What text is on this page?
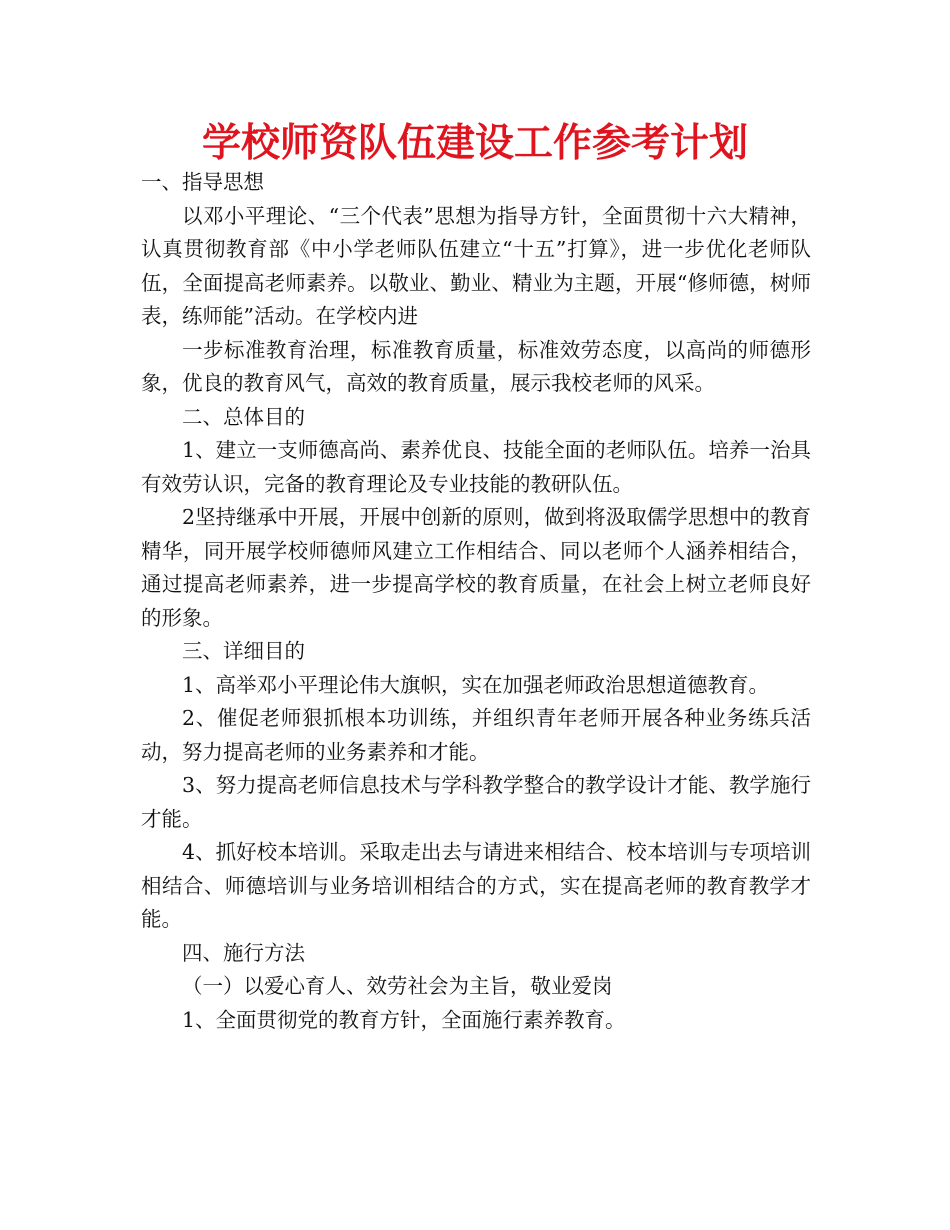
学校师资队伍建设工作参考计划

一、指导思想

以邓小平理论、“三个代表”思想为指导方针，全面贯彻十六大精神，认真贯彻教育部《中小学老师队伍建立“十五”打算》，进一步优化老师队伍，全面提高老师素养。以敬业、勤业、精业为主题，开展“修师德，树师表，练师能”活动。在学校内进

一步标准教育治理，标准教育质量，标准效劳态度，以高尚的师德形象，优良的教育风气，高效的教育质量，展示我校老师的风采。

二、总体目的

1、建立一支师德高尚、素养优良、技能全面的老师队伍。培养一治具有效劳认识，完备的教育理论及专业技能的教研队伍。

2坚持继承中开展，开展中创新的原则，做到将汲取儒学思想中的教育精华，同开展学校师德师风建立工作相结合、同以老师个人涵养相结合，通过提高老师素养，进一步提高学校的教育质量，在社会上树立老师良好的形象。

三、详细目的

1、高举邓小平理论伟大旗帜，实在加强老师政治思想道德教育。

2、催促老师狠抓根本功训练，并组织青年老师开展各种业务练兵活动，努力提高老师的业务素养和才能。

3、努力提高老师信息技术与学科教学整合的教学设计才能、教学施行才能。

4、抓好校本培训。采取走出去与请进来相结合、校本培训与专项培训相结合、师德培训与业务培训相结合的方式，实在提高老师的教育教学才能。

四、施行方法

（一）以爱心育人、效劳社会为主旨，敬业爱岗

1、全面贯彻党的教育方针，全面施行素养教育。
